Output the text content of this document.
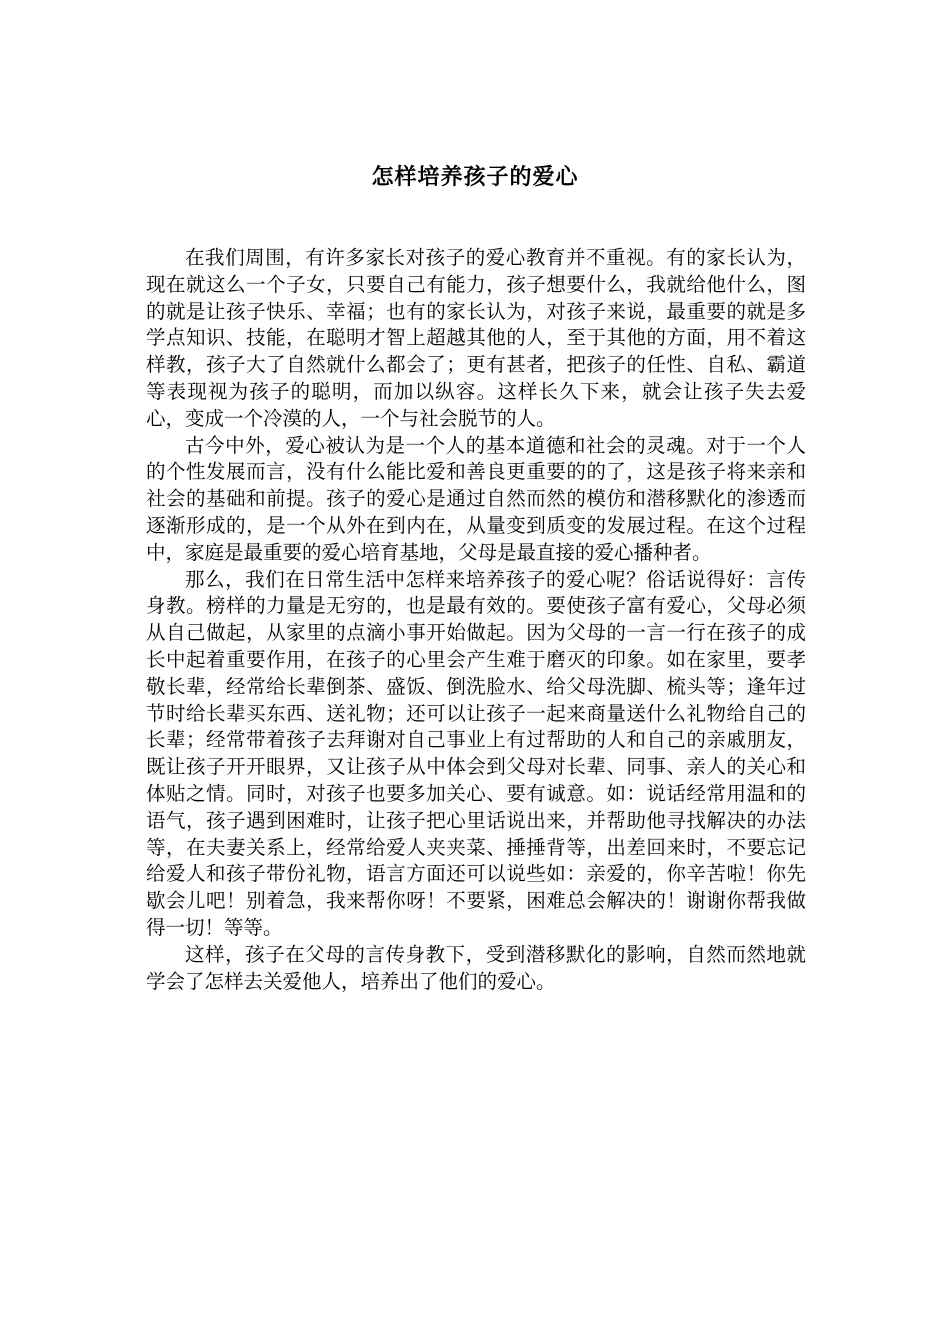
怎样培养孩子的爱心

在我们周围，有许多家长对孩子的爱心教育并不重视。有的家长认为，现在就这么一个子女，只要自己有能力，孩子想要什么，我就给他什么，图的就是让孩子快乐、幸福；也有的家长认为，对孩子来说，最重要的就是多学点知识、技能，在聪明才智上超越其他的人，至于其他的方面，用不着这样教，孩子大了自然就什么都会了；更有甚者，把孩子的任性、自私、霸道等表现视为孩子的聪明，而加以纵容。这样长久下来，就会让孩子失去爱心，变成一个冷漠的人，一个与社会脱节的人。

古今中外，爱心被认为是一个人的基本道德和社会的灵魂。对于一个人的个性发展而言，没有什么能比爱和善良更重要的的了，这是孩子将来亲和社会的基础和前提。孩子的爱心是通过自然而然的模仿和潜移默化的渗透而逐渐形成的，是一个从外在到内在，从量变到质变的发展过程。在这个过程中，家庭是最重要的爱心培育基地，父母是最直接的爱心播种者。

那么，我们在日常生活中怎样来培养孩子的爱心呢？俗话说得好：言传身教。榜样的力量是无穷的，也是最有效的。要使孩子富有爱心，父母必须从自己做起，从家里的点滴小事开始做起。因为父母的一言一行在孩子的成长中起着重要作用，在孩子的心里会产生难于磨灭的印象。如在家里，要孝敬长辈，经常给长辈倒茶、盛饭、倒洗脸水、给父母洗脚、梳头等；逢年过节时给长辈买东西、送礼物；还可以让孩子一起来商量送什么礼物给自己的长辈；经常带着孩子去拜谢对自己事业上有过帮助的人和自己的亲戚朋友，既让孩子开开眼界，又让孩子从中体会到父母对长辈、同事、亲人的关心和体贴之情。同时，对孩子也要多加关心、要有诚意。如：说话经常用温和的语气，孩子遇到困难时，让孩子把心里话说出来，并帮助他寻找解决的办法等，在夫妻关系上，经常给爱人夹夹菜、捶捶背等，出差回来时，不要忘记给爱人和孩子带份礼物，语言方面还可以说些如：亲爱的，你辛苦啦！你先歇会儿吧！别着急，我来帮你呀！不要紧，困难总会解决的！谢谢你帮我做得一切！等等。

这样，孩子在父母的言传身教下，受到潜移默化的影响，自然而然地就学会了怎样去关爱他人，培养出了他们的爱心。
